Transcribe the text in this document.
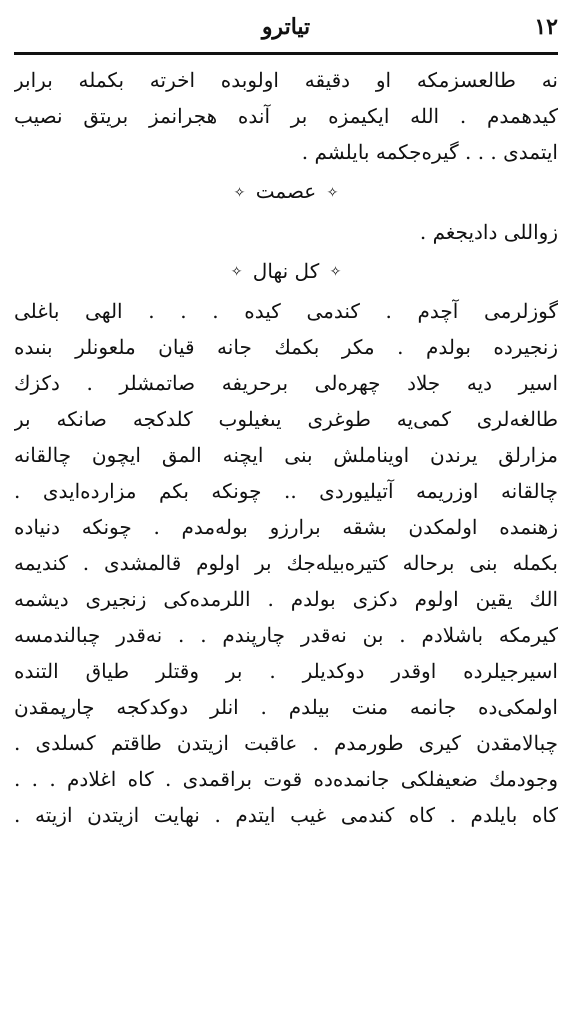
١٢
تياترو
نه طالعسزمكه او دقيقه اولوبده اخرته بكمله برابر
كيدهمدم . الله ايكيمزه بر آنده هجرانمز بريتق نصيب
ايتمدى . . . گيره‌جكمه بايلشم .
✧ عصمت ✧
زواللى داديجغم .
✧ كل نهال ✧
گوزلرمى آچدم . كندمى كيده . . . الهى باغلى
زنجيرده بولدم . مكر بكمك جانه قيان ملعونلر بنىده
اسير ديه جلاد چهره‌لى برحريفه صاتمشلر . دكزك
طالغه‌لرى كمى‌يه طوغرى يىغيلوب كلدكجه صانكه بر
مزارلق يرندن اويناملش بنى ايچنه المق ايچون چالقانه
چالقانه اوزريمه آتيليوردى .. چونكه بكم مزارده‌ايدى .
زهنمده اولمكدن بشقه برارزو بوله‌مدم . چونكه دنياده
بكمله بنى برحاله كتيره‌بيله‌جك بر اولوم قالمشدى . كنديمه
الك يقين اولوم دكزى بولدم . اللرمده‌كى زنجيرى ديشمه
كيرمكه باشلادم . بن نه‌قدر چارپندم . . نه‌قدر چبالندمسه
اسيرجيلرده اوقدر دوكديلر . بر وقتلر طياق التنده
اولمكى‌ده جانمه منت بيلدم . انلر دوكدكجه چارپمقدن
چبالامقدن كيرى طورمدم . عاقبت ازيتدن طاقتم كسلدى .
وجودمك ضعيفلكى جانمده‌ده قوت براقمدى . كاه اغلادم . . .
كاه بايلدم . كاه كندمى غيب ايتدم . نهايت ازيتدن ازيته .
